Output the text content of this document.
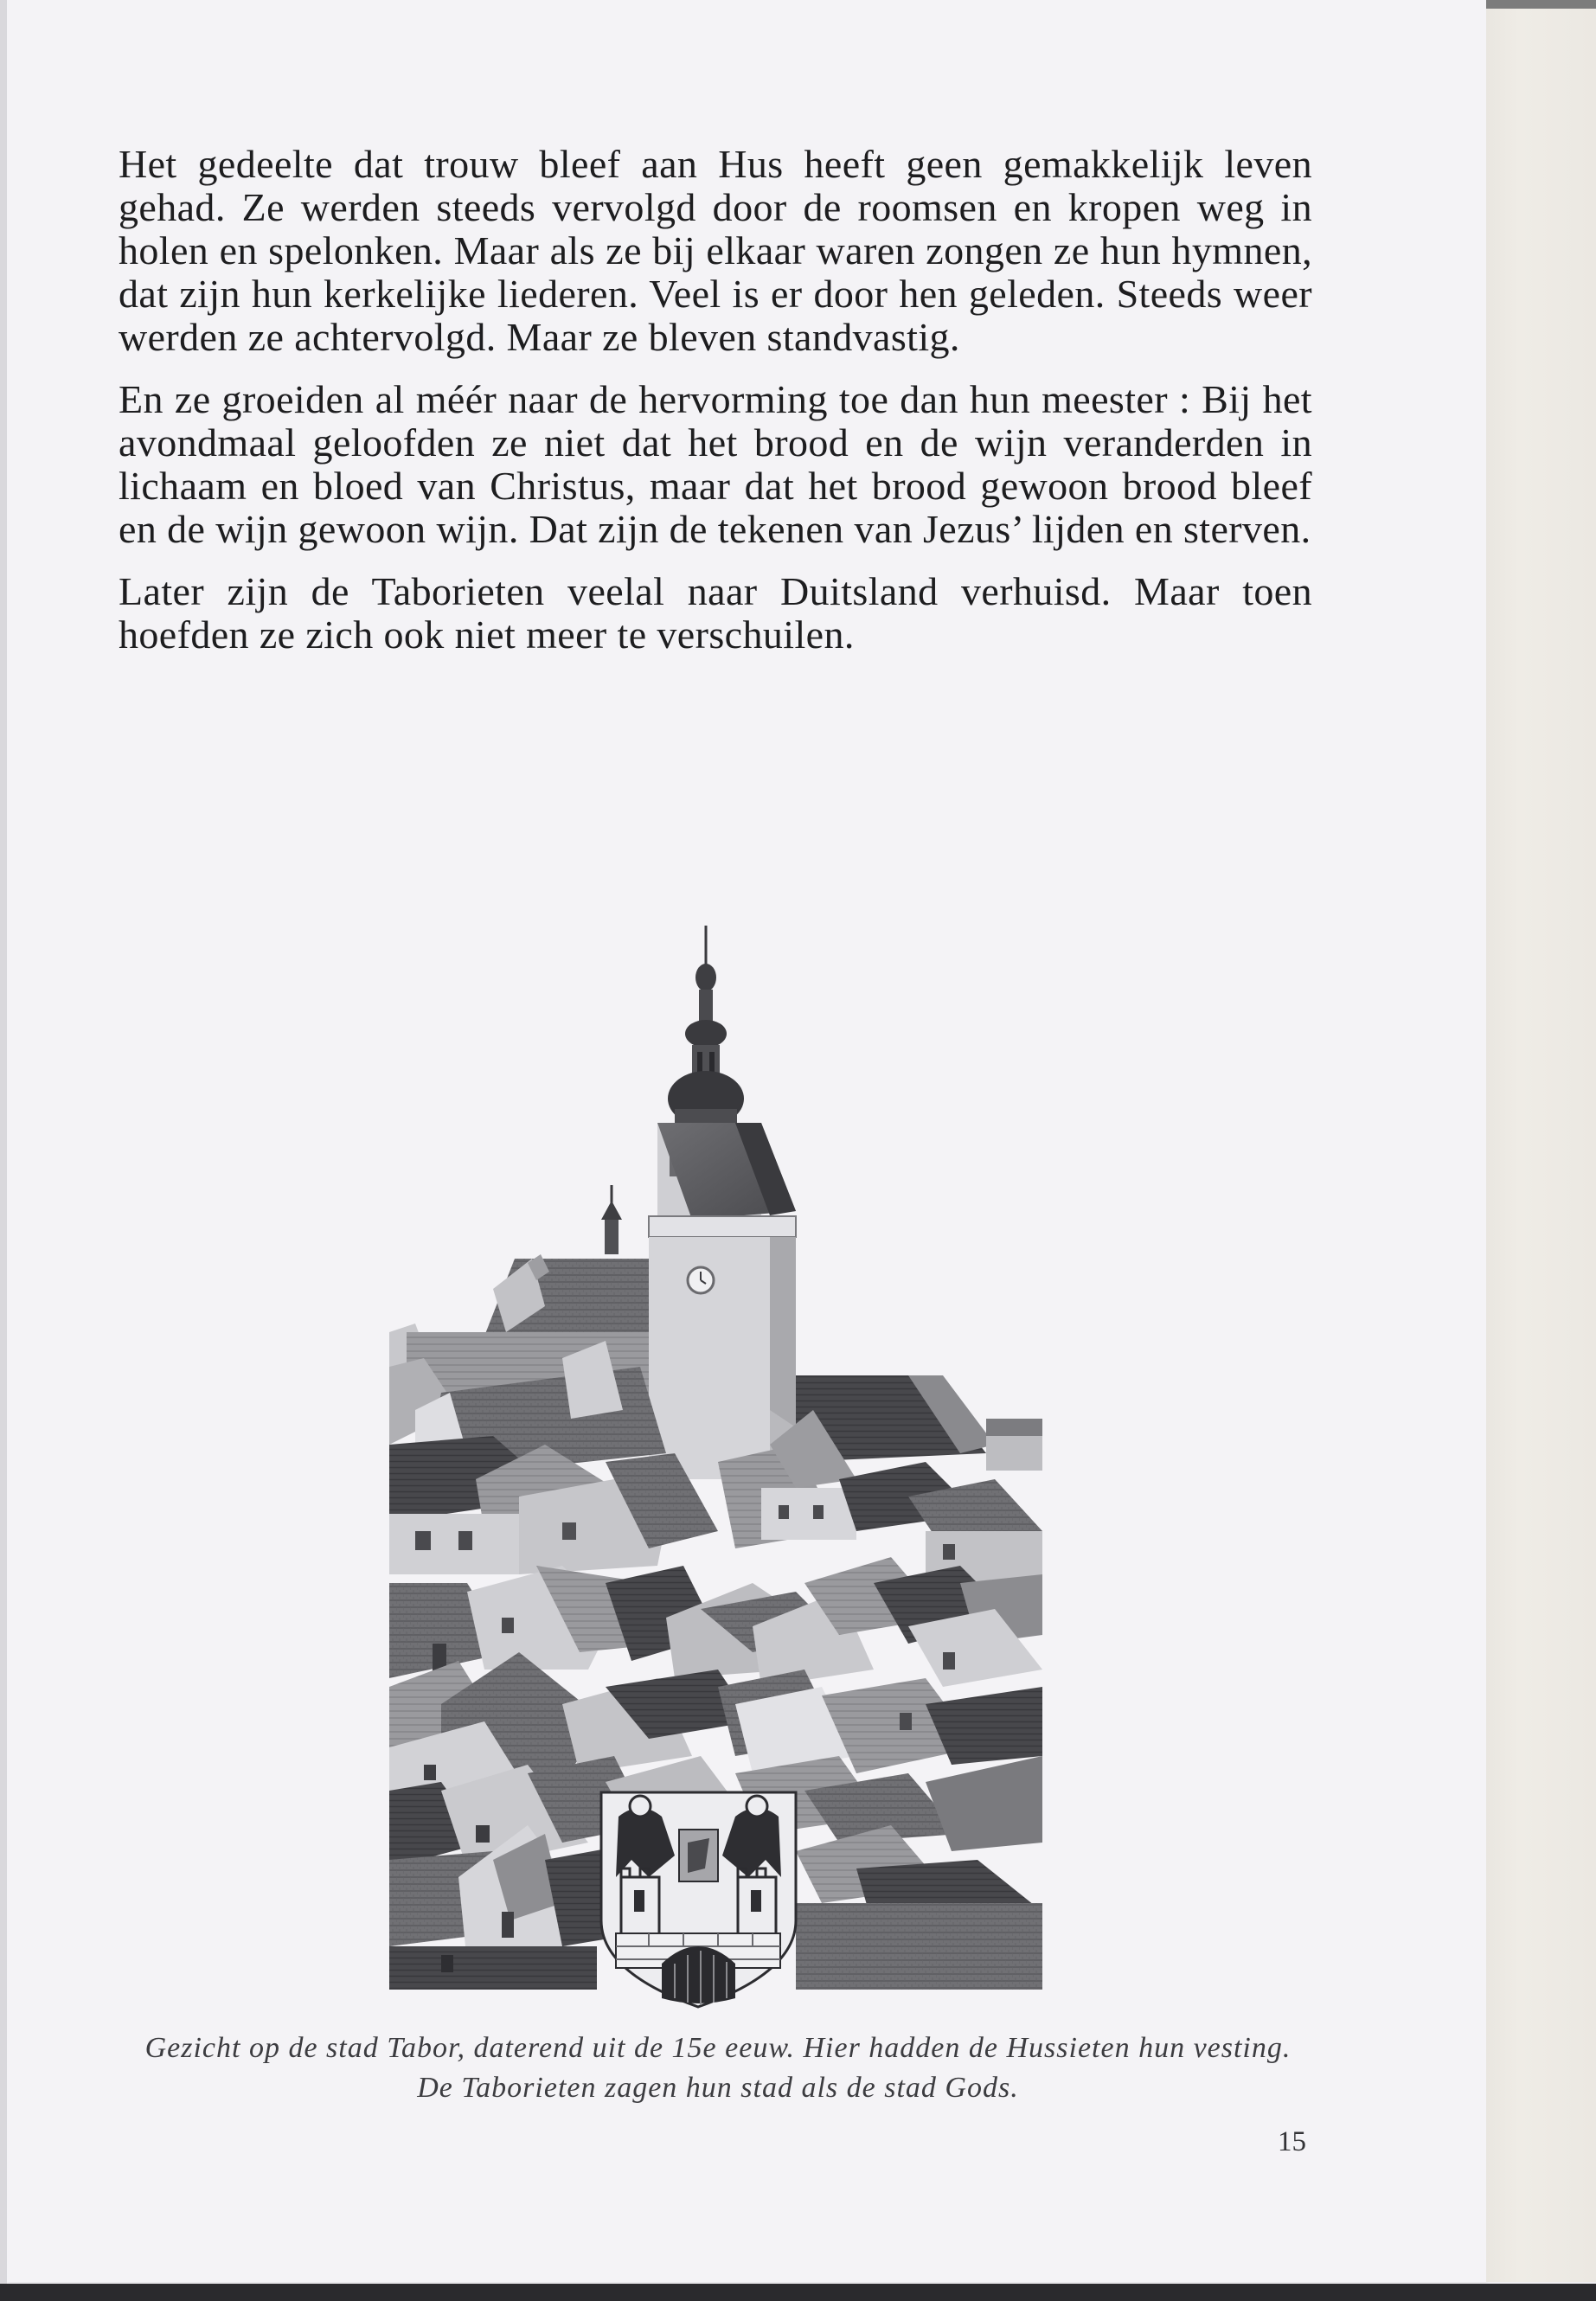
Het gedeelte dat trouw bleef aan Hus heeft geen gemakkelijk leven gehad. Ze werden steeds vervolgd door de roomsen en kropen weg in holen en spelonken. Maar als ze bij elkaar waren zongen ze hun hymnen, dat zijn hun kerkelijke liederen. Veel is er door hen geleden. Steeds weer werden ze achtervolgd. Maar ze bleven standvastig.

En ze groeiden al méér naar de hervorming toe dan hun meester : Bij het avondmaal geloofden ze niet dat het brood en de wijn veranderden in lichaam en bloed van Christus, maar dat het brood gewoon brood bleef en de wijn gewoon wijn. Dat zijn de tekenen van Jezus’ lijden en sterven.

Later zijn de Taborieten veelal naar Duitsland verhuisd. Maar toen hoefden ze zich ook niet meer te verschuilen.

Gezicht op de stad Tabor, daterend uit de 15e eeuw. Hier hadden de Hussieten hun vesting. De Taborieten zagen hun stad als de stad Gods.
15
